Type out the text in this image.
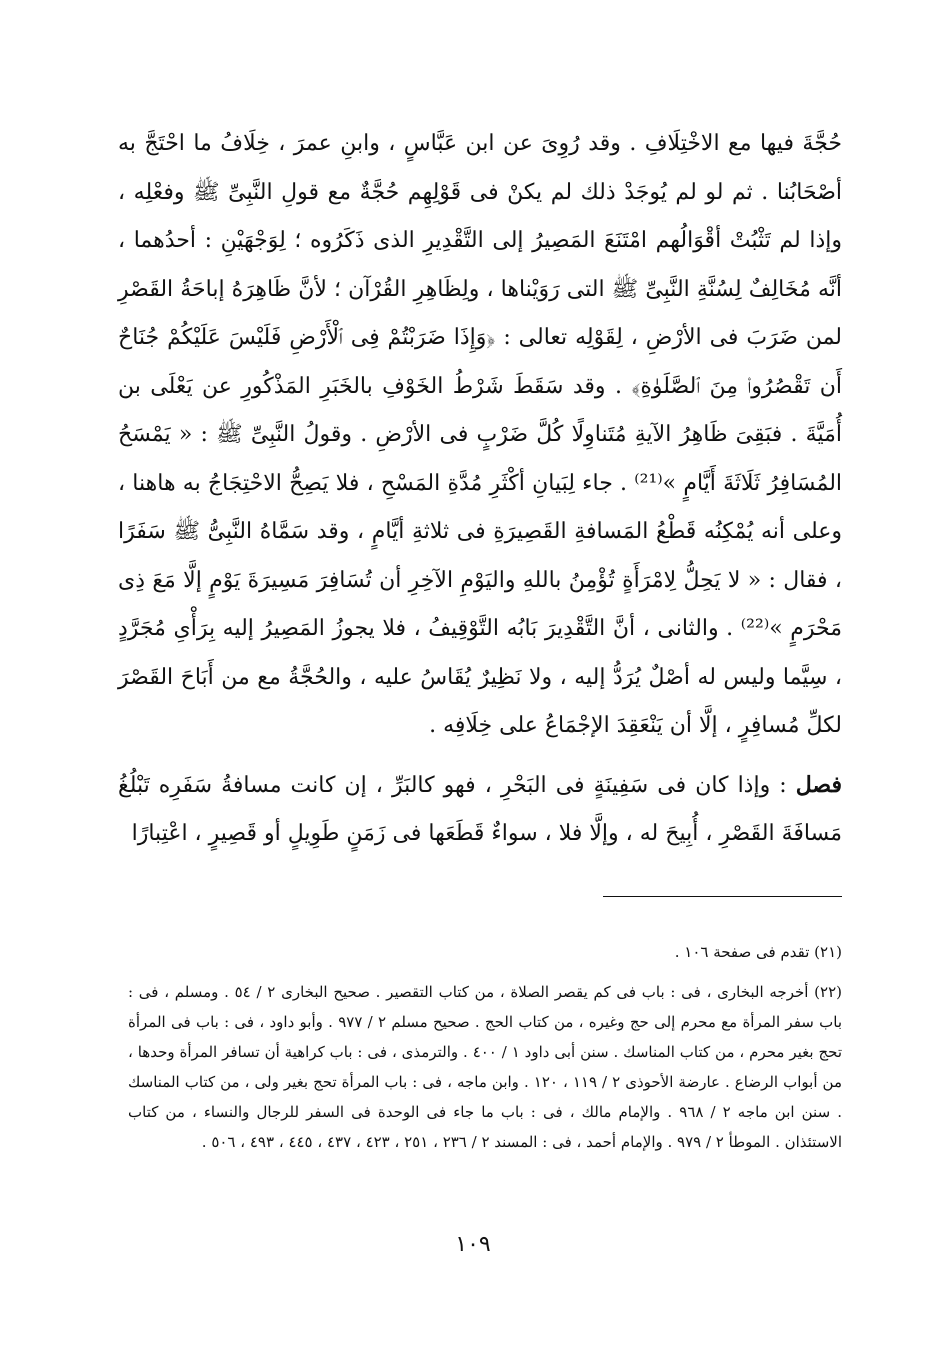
حُجَّةَ فيها مع الاخْتِلَافِ . وقد رُوِىَ عن ابن عَبَّاسٍ ، وابنِ عمرَ ، خِلَافُ ما احْتَجَّ به أصْحَابُنا . ثم لو لم يُوجَدْ ذلك لم يكنْ فى قَوْلِهِم حُجَّةٌ مع قولِ النَّبِىِّ ﷺ وفعْلِه ، وإذا لم تَثْبُتْ أقْوَالُهم امْتَنَعَ المَصِيرُ إلى التَّقْدِيرِ الذى ذَكَرُوه ؛ لِوَجْهَيْنِ : أحدُهما ، أنَّه مُخَالِفٌ لِسُنَّةِ النَّبِىِّ ﷺ التى رَوَيْناها ، ولِظَاهِرِ القُرْآن ؛ لأنَّ ظَاهِرَهُ إباحَةُ القَصْرِ لمن ضَرَبَ فى الأرْضِ ، لِقَوْلِه تعالى : ﴿وَإِذَا ضَرَبْتُمْ فِى ٱلْأَرْضِ فَلَيْسَ عَلَيْكُمْ جُنَاحٌ أَن تَقْصُرُوا۟ مِنَ ٱلصَّلَوٰةِ﴾ . وقد سَقَطَ شَرْطُ الخَوْفِ بالخَبَرِ المَذْكُورِ عن يَعْلَى بن أُمَيَّةَ . فبَقِىَ ظَاهِرُ الآيةِ مُتَناوِلًا كُلَّ ضَرْبٍ فى الأرْضِ . وقولُ النَّبِىِّ ﷺ : « يَمْسَحُ المُسَافِرُ ثَلَاثَةَ أَيَّامٍ »⁽²¹⁾ . جاء لِبَيانِ أكْثَرِ مُدَّةِ المَسْحِ ، فلا يَصِحُّ الاحْتِجَاجُ به هاهنا ، وعلى أنه يُمْكِنُه قَطْعُ المَسافةِ القَصِيرَةِ فى ثلاثةِ أيَّامٍ ، وقد سَمَّاهُ النَّبِىُّ ﷺ سَفَرًا ، فقال : « لا يَحِلُّ لِامْرَأَةٍ تُؤْمِنُ باللهِ واليَوْمِ الآخِرِ أن تُسَافِرَ مَسِيرَةَ يَوْمٍ إلَّا مَعَ ذِى مَحْرَمٍ »⁽²²⁾ . والثانى ، أنَّ التَّقْدِيرَ بَابُه التَّوْقِيفُ ، فلا يجوزُ المَصِيرُ إليه بِرَأْىِ مُجَرَّدٍ ، سِيَّما وليس له أصْلٌ يُرَدُّ إليه ، ولا نَظِيرٌ يُقَاسُ عليه ، والحُجَّةُ مع من أَبَاحَ القَصْرَ لكلِّ مُسافِرٍ ، إلَّا أن يَنْعَقِدَ الإجْمَاعُ على خِلَافِه .

فصل : وإذا كان فى سَفِينَةٍ فى البَحْرِ ، فهو كالبَرِّ ، إن كانت مسافةُ سَفَرِه تَبْلُغُ مَسافَةَ القَصْرِ ، أُبِيحَ له ، وإلَّا فلا ، سواءٌ قَطَعَها فى زَمَنٍ طَوِيلٍ أو قَصِيرٍ ، اعْتِبارًا

(٢١) تقدم فى صفحة ١٠٦ .

(٢٢) أخرجه البخارى ، فى : باب فى كم يقصر الصلاة ، من كتاب التقصير . صحيح البخارى ٢ / ٥٤ . ومسلم ، فى : باب سفر المرأة مع محرم إلى حج وغيره ، من كتاب الحج . صحيح مسلم ٢ / ٩٧٧ . وأبو داود ، فى : باب فى المرأة تحج بغير محرم ، من كتاب المناسك . سنن أبى داود ١ / ٤٠٠ . والترمذى ، فى : باب كراهية أن تسافر المرأة وحدها ، من أبواب الرضاع . عارضة الأحوذى ٢ / ١١٩ ، ١٢٠ . وابن ماجه ، فى : باب المرأة تحج بغير ولى ، من كتاب المناسك . سنن ابن ماجه ٢ / ٩٦٨ . والإمام مالك ، فى : باب ما جاء فى الوحدة فى السفر للرجال والنساء ، من كتاب الاستئذان . الموطأ ٢ / ٩٧٩ . والإمام أحمد ، فى : المسند ٢ / ٢٣٦ ، ٢٥١ ، ٤٢٣ ، ٤٣٧ ، ٤٤٥ ، ٤٩٣ ، ٥٠٦ .

١٠٩
